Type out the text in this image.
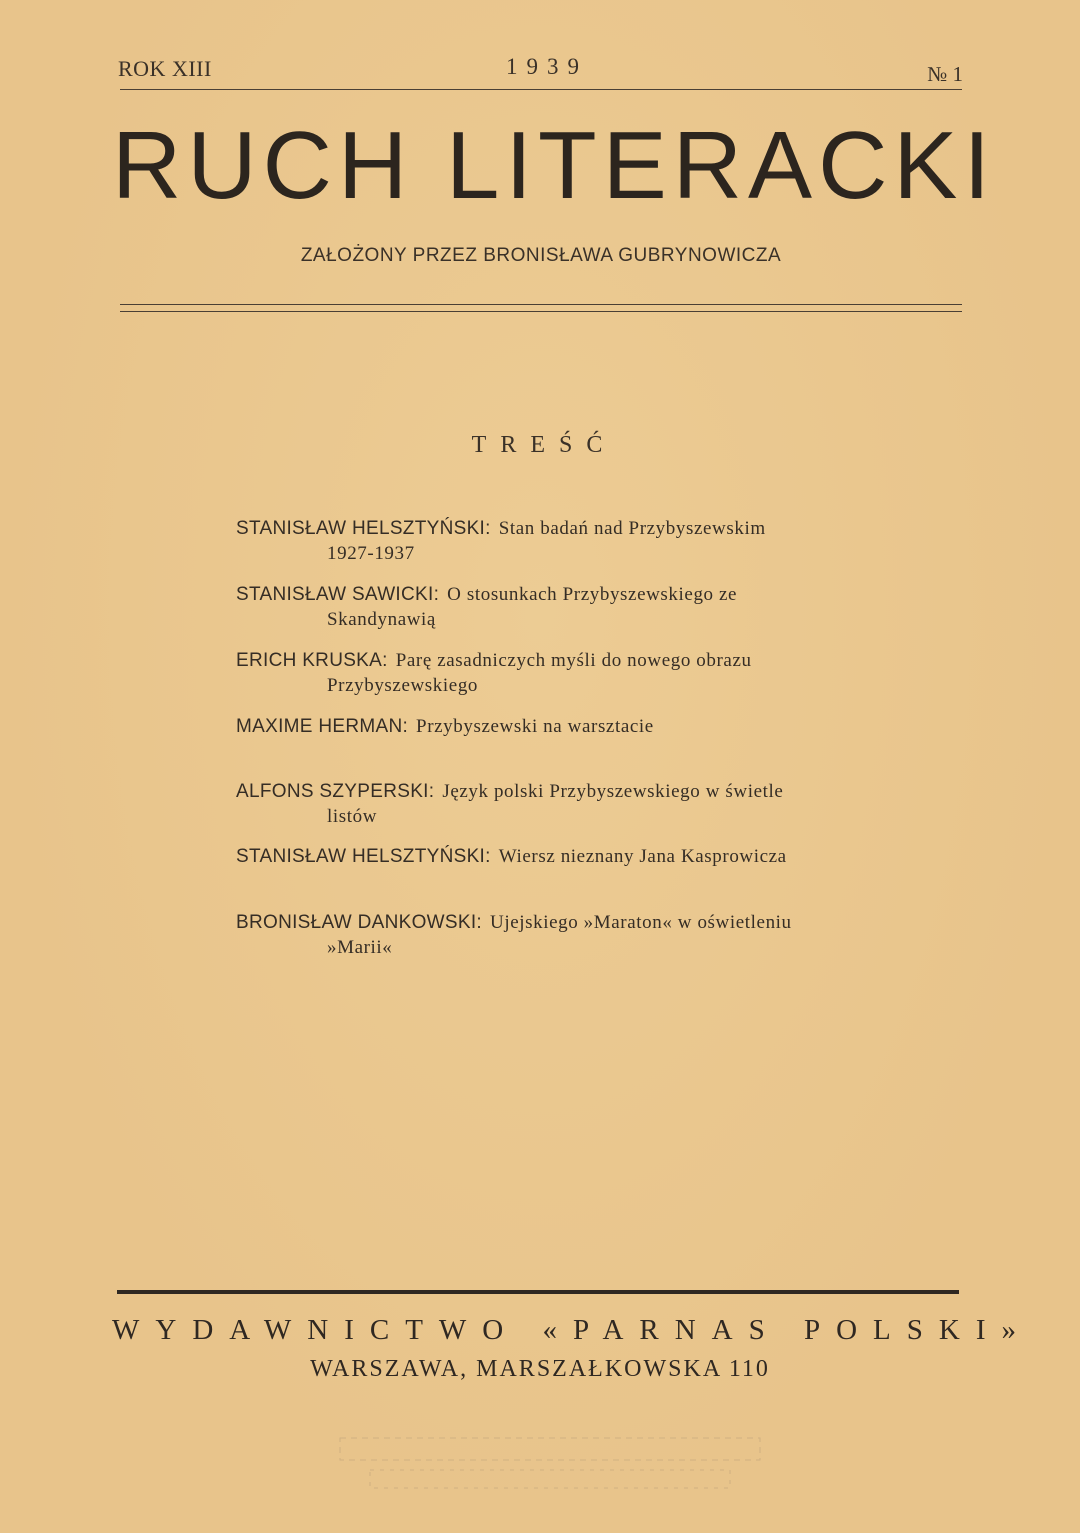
ROK XIII	1939	№ 1
RUCH LITERACKI
ZAŁOŻONY PRZEZ BRONISŁAWA GUBRYNOWICZA
TREŚĆ
STANISŁAW HELSZTYŃSKI: Stan badań nad Przybyszewskim
1927-1937
STANISŁAW SAWICKI: O stosunkach Przybyszewskiego ze
Skandynawią
ERICH KRUSKA: Parę zasadniczych myśli do nowego obrazu
Przybyszewskiego
MAXIME HERMAN: Przybyszewski na warsztacie
ALFONS SZYPERSKI: Język polski Przybyszewskiego w świetle
listów
STANISŁAW HELSZTYŃSKI: Wiersz nieznany Jana Kasprowicza
BRONISŁAW DANKOWSKI: Ujejskiego »Maraton« w oświetleniu
»Marii«
WYDAWNICTWO «PARNAS POLSKI»
WARSZAWA, MARSZAŁKOWSKA 110
